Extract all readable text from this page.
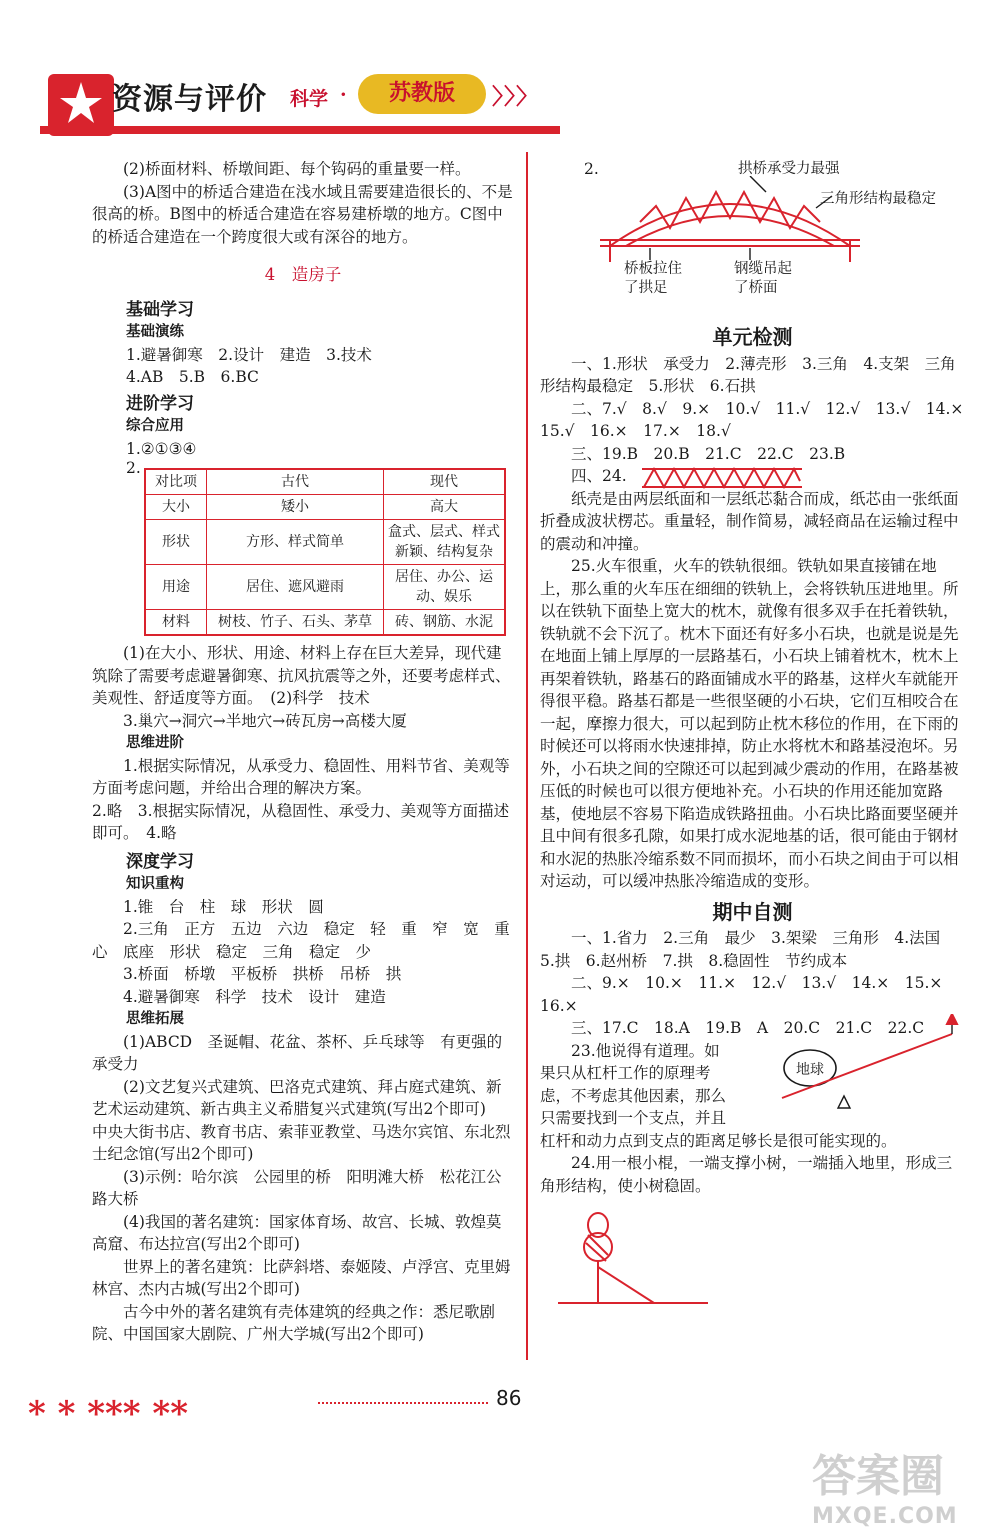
资源与评价 科学 ·	苏教版	〉〉〉

(2)桥面材料、桥墩间距、每个钩码的重量要一样。

(3)A图中的桥适合建造在浅水域且需要建造很长的、不是很高的桥。B图中的桥适合建造在容易建桥墩的地方。C图中的桥适合建造在一个跨度很大或有深谷的地方。

4　造房子

基础学习
基础演练

1.避暑御寒　2.设计　建造　3.技术

4.AB　5.B　6.BC

进阶学习
综合应用

1.②①③④

2.

对比项	古代	现代
大小	矮小	高大
形状	方形、样式简单	盒式、层式、样式新颖、结构复杂
用途	居住、遮风避雨	居住、办公、运动、娱乐
材料	树枝、竹子、石头、茅草	砖、钢筋、水泥

(1)在大小、形状、用途、材料上存在巨大差异，现代建筑除了需要考虑避暑御寒、抗风抗震等之外，还要考虑样式、美观性、舒适度等方面。　(2)科学　技术

3.巢穴→洞穴→半地穴→砖瓦房→高楼大厦

思维进阶

1.根据实际情况，从承受力、稳固性、用料节省、美观等方面考虑问题，并给出合理的解决方案。

2.略　3.根据实际情况，从稳固性、承受力、美观等方面描述即可。　4.略

深度学习
知识重构

1.锥　台　柱　球　形状　圆

2.三角　正方　五边　六边　稳定　轻　重　窄　宽　重心　底座　形状　稳定　三角　稳定　少

3.桥面　桥墩　平板桥　拱桥　吊桥　拱

4.避暑御寒　科学　技术　设计　建造

思维拓展

(1)ABCD　圣诞帽、花盆、茶杯、乒乓球等　有更强的承受力

(2)文艺复兴式建筑、巴洛克式建筑、拜占庭式建筑、新艺术运动建筑、新古典主义希腊复兴式建筑(写出2个即可)　中央大街书店、教育书店、索菲亚教堂、马迭尔宾馆、东北烈士纪念馆(写出2个即可)

(3)示例：哈尔滨　公园里的桥　阳明滩大桥　松花江公路大桥

(4)我国的著名建筑：国家体育场、故宫、长城、敦煌莫高窟、布达拉宫(写出2个即可)

世界上的著名建筑：比萨斜塔、泰姬陵、卢浮宫、克里姆林宫、杰内古城(写出2个即可)

古今中外的著名建筑有壳体建筑的经典之作：悉尼歌剧院、中国国家大剧院、广州大学城(写出2个即可)

2.	拱桥承受力最强
三角形结构最稳定
桥板拉住
了拱足
钢缆吊起
了桥面
单元检测

一、1.形状　承受力　2.薄壳形　3.三角　4.支架　三角形结构最稳定　5.形状　6.石拱

二、7.√　8.√　9.×　10.√　11.√　12.√　13.√　14.×　15.√　16.×　17.×　18.√

三、19.B　20.B　21.C　22.C　23.B

四、24.

纸壳是由两层纸面和一层纸芯黏合而成，纸芯由一张纸面折叠成波状楞芯。重量轻，制作简易，减轻商品在运输过程中的震动和冲撞。

25.火车很重，火车的铁轨很细。铁轨如果直接铺在地上，那么重的火车压在细细的铁轨上，会将铁轨压进地里。所以在铁轨下面垫上宽大的枕木，就像有很多双手在托着铁轨，铁轨就不会下沉了。枕木下面还有好多小石块，也就是说是先在地面上铺上厚厚的一层路基石，小石块上铺着枕木，枕木上再架着铁轨，路基石的路面铺成水平的路基，这样火车就能开得很平稳。路基石都是一些很坚硬的小石块，它们互相咬合在一起，摩擦力很大，可以起到防止枕木移位的作用，在下雨的时候还可以将雨水快速排掉，防止水将枕木和路基浸泡坏。另外，小石块之间的空隙还可以起到减少震动的作用，在路基被压低的时候也可以很方便地补充。小石块的作用还能加宽路基，使地层不容易下陷造成铁路扭曲。小石块比路面要坚硬并且中间有很多孔隙，如果打成水泥地基的话，很可能由于钢材和水泥的热胀冷缩系数不同而损坏，而小石块之间由于可以相对运动，可以缓冲热胀冷缩造成的变形。

期中自测

一、1.省力　2.三角　最少　3.架梁　三角形　4.法国　5.拱　6.赵州桥　7.拱　8.稳固性　节约成本

二、9.×　10.×　11.×　12.√　13.√　14.×　15.×　16.×

三、17.C　18.A　19.B　A　20.C　21.C　22.C

23.他说得有道理。如

果只从杠杆工作的原理考

虑，不考虑其他因素，那么

只需要找到一个支点，并且

地球

杠杆和动力点到支点的距离足够长是很可能实现的。

24.用一根小棍，一端支撑小树，一端插入地里，形成三角形结构，使小树稳固。

* * *** **	86
答案圈
MXQE.COM
